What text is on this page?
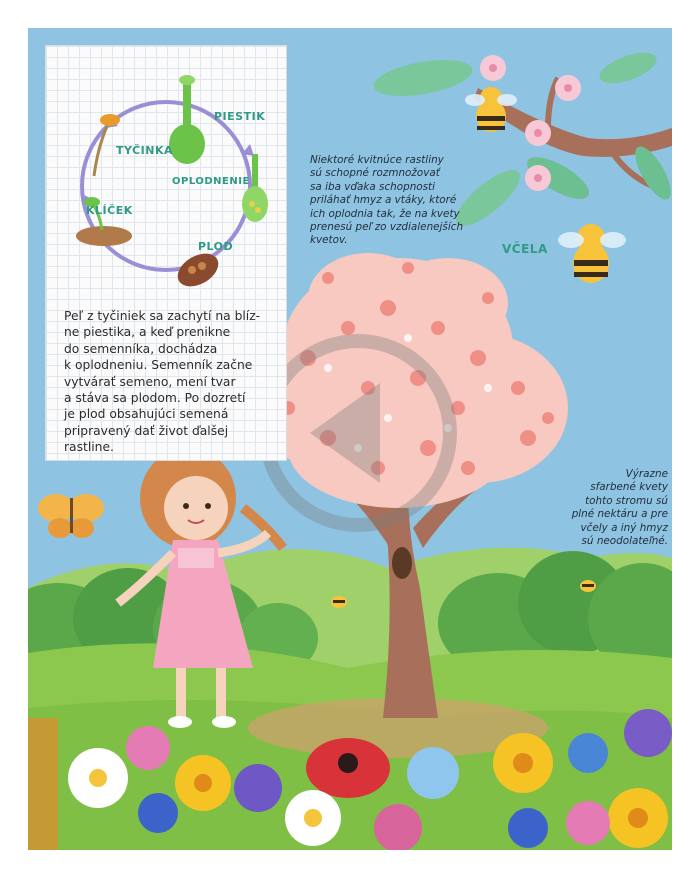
PIESTIK
TYČINKA
OPLODNENIE
KLÍČEK
PLOD
Peľ z tyčiniek sa zachytí na blíz-
ne piestika, a keď prenikne
do semenníka, dochádza
k oplodneniu. Semenník začne
vytvárať semeno, mení tvar
a stáva sa plodom. Po dozretí
je plod obsahujúci semená
pripravený dať život ďalšej
rastline.
Niektoré kvitnúce rastliny
sú schopné rozmnožovať
sa iba vďaka schopnosti
priláhať hmyz a vtáky, ktoré
ich oplodnia tak, že na kvety
prenesú peľ zo vzdialenejších
kvetov.
Výrazne
sfarbené kvety
tohto stromu sú
plné nektáru a pre
včely a iný hmyz
sú neodolateľné.
VČELA
